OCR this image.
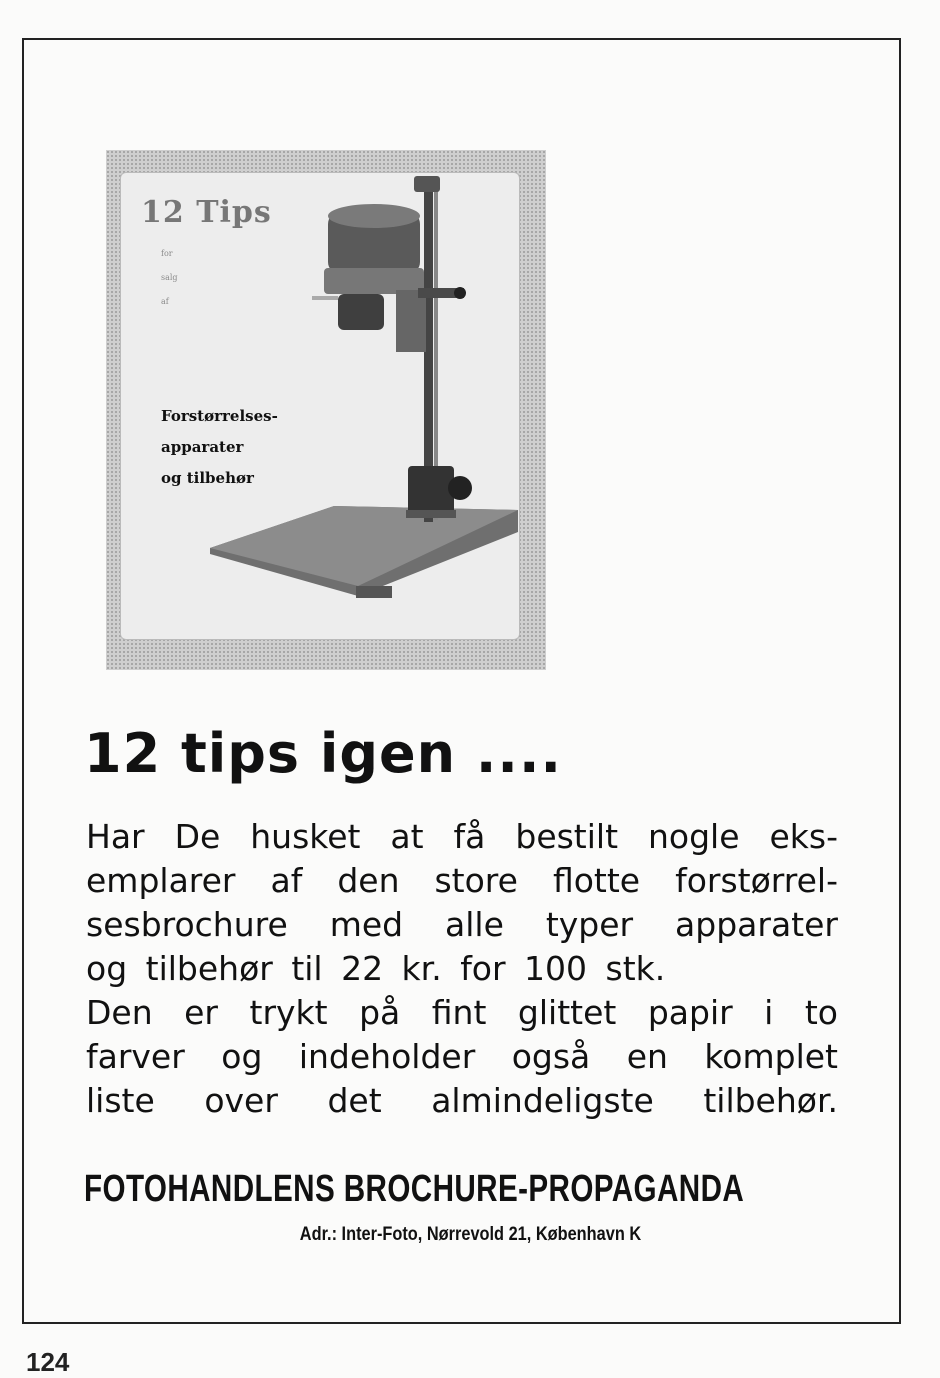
12 Tips
for
salg
af
Forstørrelses-
apparater
og tilbehør
12 tips igen ....
Har De husket at få bestilt nogle eks-
emplarer af den store flotte forstørrel-
sesbrochure med alle typer apparater
og tilbehør til 22 kr. for 100 stk.
Den er trykt på fint glittet papir i to
farver og indeholder også en komplet
liste over det almindeligste tilbehør.
FOTOHANDLENS BROCHURE-PROPAGANDA
Adr.: Inter-Foto, Nørrevold 21, København K
124
